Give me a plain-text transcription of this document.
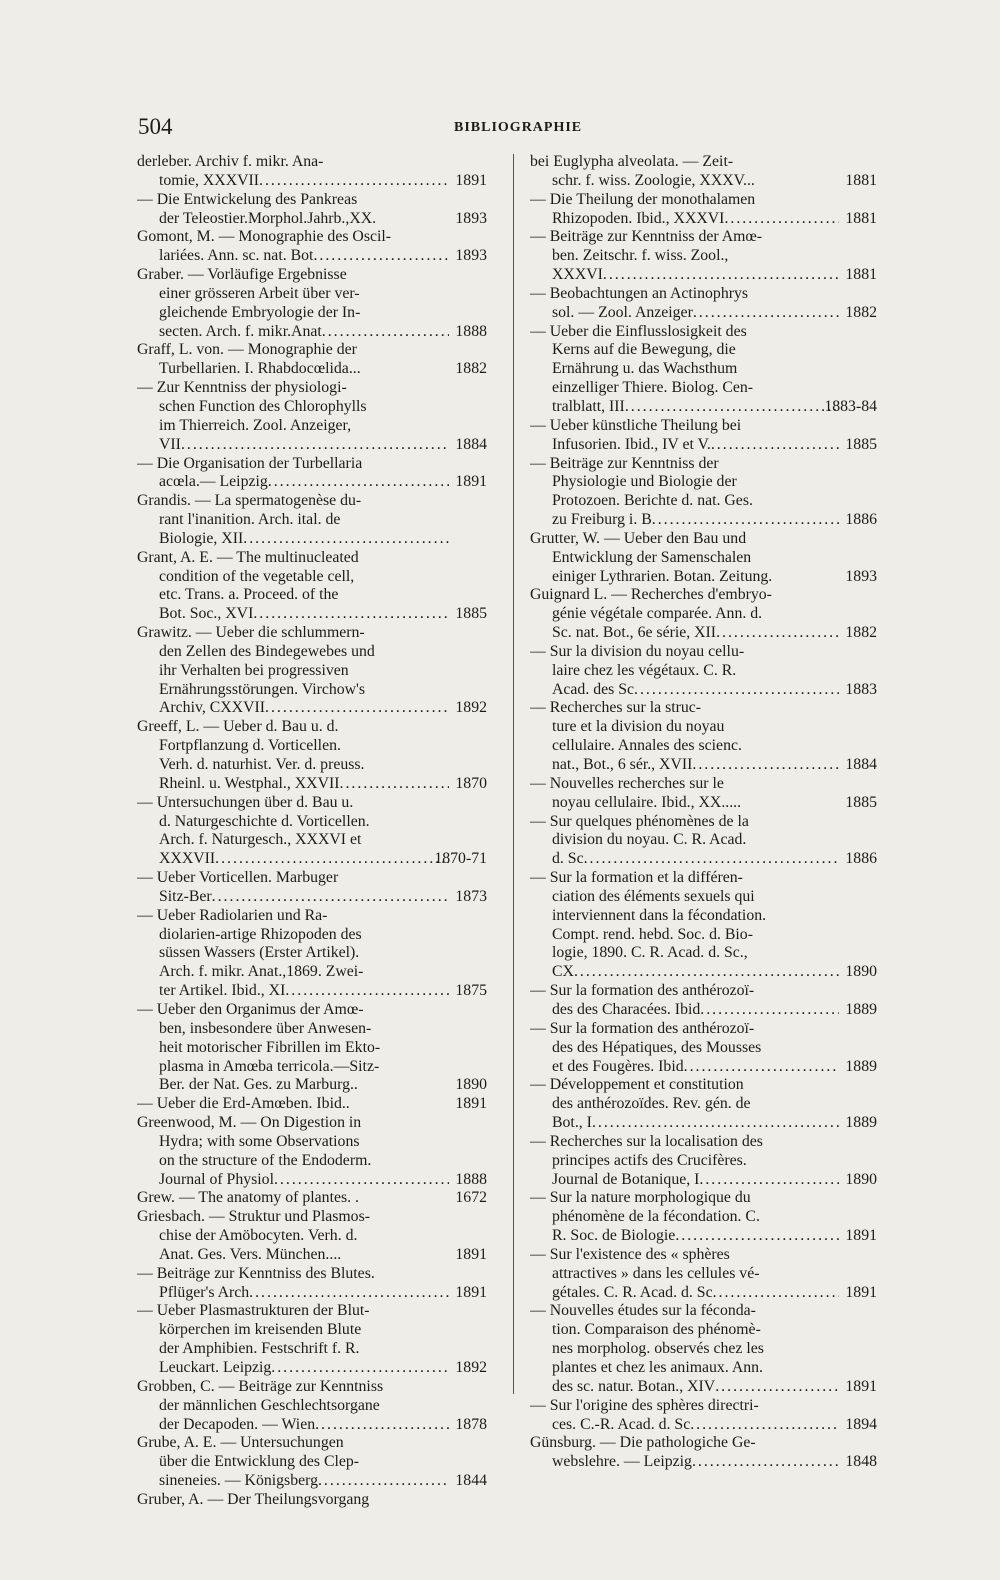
504	BIBLIOGRAPHIE
derleber. Archiv f. mikr. Ana-
tomie, XXXVII .....	1891
— Die Entwickelung des Pankreas
der Teleostier.Morphol.Jahrb.,XX.	1893
Gomont, M. — Monographie des Oscil-
lariées. Ann. sc. nat. Bot .....	1893
Graber. — Vorläufige Ergebnisse
einer grösseren Arbeit über ver-
gleichende Embryologie der In-
secten. Arch. f. mikr.Anat .....	1888
Graff, L. von. — Monographie der
Turbellarien. I. Rhabdocœlida...	1882
— Zur Kenntniss der physiologi-
schen Function des Chlorophylls
im Thierreich. Zool. Anzeiger,
VII .....	1884
— Die Organisation der Turbellaria
acœla.— Leipzig .....	1891
Grandis. — La spermatogenèse du-
rant l'inanition. Arch. ital. de
Biologie, XII
.....
Grant, A. E. — The multinucleated
condition of the vegetable cell,
etc. Trans. a. Proceed. of the
Bot. Soc., XVI .....	1885
Grawitz. — Ueber die schlummern-
den Zellen des Bindegewebes und
ihr Verhalten bei progressiven
Ernährungsstörungen. Virchow's
Archiv, CXXVII .....	1892
Greeff, L. — Ueber d. Bau u. d.
Fortpflanzung d. Vorticellen.
Verh. d. naturhist. Ver. d. preuss.
Rheinl. u. Westphal., XXVII .....	1870
— Untersuchungen über d. Bau u.
d. Naturgeschichte d. Vorticellen.
Arch. f. Naturgesch., XXXVI et
XXXVII .....	1870-71
— Ueber Vorticellen. Marbuger
Sitz-Ber .....	1873
— Ueber Radiolarien und Ra-
diolarien-artige Rhizopoden des
süssen Wassers (Erster Artikel).
Arch. f. mikr. Anat.,1869. Zwei-
ter Artikel. Ibid., XI .....	1875
— Ueber den Organimus der Amœ-
ben, insbesondere über Anwesen-
heit motorischer Fibrillen im Ekto-
plasma in Amœba terricola.—Sitz-
Ber. der Nat. Ges. zu Marburg..	1890
— Ueber die Erd-Amœben. Ibid..	1891
Greenwood, M. — On Digestion in
Hydra; with some Observations
on the structure of the Endoderm.
Journal of Physiol .....	1888
Grew. — The anatomy of plantes. .	1672
Griesbach. — Struktur und Plasmos-
chise der Amöbocyten. Verh. d.
Anat. Ges. Vers. München....	1891
— Beiträge zur Kenntniss des Blutes.
Pflüger's Arch .....	1891
— Ueber Plasmastrukturen der Blut-
körperchen im kreisenden Blute
der Amphibien. Festschrift f. R.
Leuckart. Leipzig .....	1892
Grobben, C. — Beiträge zur Kenntniss
der männlichen Geschlechtsorgane
der Decapoden. — Wien .....	1878
Grube, A. E. — Untersuchungen
über die Entwicklung des Clep-
sineneies. — Königsberg .....	1844
Gruber, A. — Der Theilungsvorgang
bei Euglypha alveolata. — Zeit-
schr. f. wiss. Zoologie, XXXV...	1881
— Die Theilung der monothalamen
Rhizopoden. Ibid., XXXVI .....	1881
— Beiträge zur Kenntniss der Amœ-
ben. Zeitschr. f. wiss. Zool.,
XXXVI .....	1881
— Beobachtungen an Actinophrys
sol. — Zool. Anzeiger .....	1882
— Ueber die Einflusslosigkeit des
Kerns auf die Bewegung, die
Ernährung u. das Wachsthum
einzelliger Thiere. Biolog. Cen-
tralblatt, III .....	1883-84
— Ueber künstliche Theilung bei
Infusorien. Ibid., IV et V. .....	1885
— Beiträge zur Kenntniss der
Physiologie und Biologie der
Protozoen. Berichte d. nat. Ges.
zu Freiburg i. B .....	1886
Grutter, W. — Ueber den Bau und
Entwicklung der Samenschalen
einiger Lythrarien. Botan. Zeitung.	1893
Guignard L. — Recherches d'embryo-
génie végétale comparée. Ann. d.
Sc. nat. Bot., 6e série, XII .....	1882
— Sur la division du noyau cellu-
laire chez les végétaux. C. R.
Acad. des Sc .....	1883
— Recherches sur la struc-
ture et la division du noyau
cellulaire. Annales des scienc.
nat., Bot., 6 sér., XVII .....	1884
— Nouvelles recherches sur le
noyau cellulaire. Ibid., XX.....	1885
— Sur quelques phénomènes de la
division du noyau. C. R. Acad.
d. Sc .....	1886
— Sur la formation et la différen-
ciation des éléments sexuels qui
interviennent dans la fécondation.
Compt. rend. hebd. Soc. d. Bio-
logie, 1890. C. R. Acad. d. Sc.,
CX .....	1890
— Sur la formation des anthérozoï-
des des Characées. Ibid .....	1889
— Sur la formation des anthérozoï-
des des Hépatiques, des Mousses
et des Fougères. Ibid .....	1889
— Développement et constitution
des anthérozoïdes. Rev. gén. de
Bot., I .....	1889
— Recherches sur la localisation des
principes actifs des Crucifères.
Journal de Botanique, I .....	1890
— Sur la nature morphologique du
phénomène de la fécondation. C.
R. Soc. de Biologie .....	1891
— Sur l'existence des « sphères
attractives » dans les cellules vé-
gétales. C. R. Acad. d. Sc .....	1891
— Nouvelles études sur la féconda-
tion. Comparaison des phénomè-
nes morpholog. observés chez les
plantes et chez les animaux. Ann.
des sc. natur. Botan., XIV .....	1891
— Sur l'origine des sphères directri-
ces. C.-R. Acad. d. Sc .....	1894
Günsburg. — Die pathologiche Ge-
webslehre. — Leipzig .....	1848
